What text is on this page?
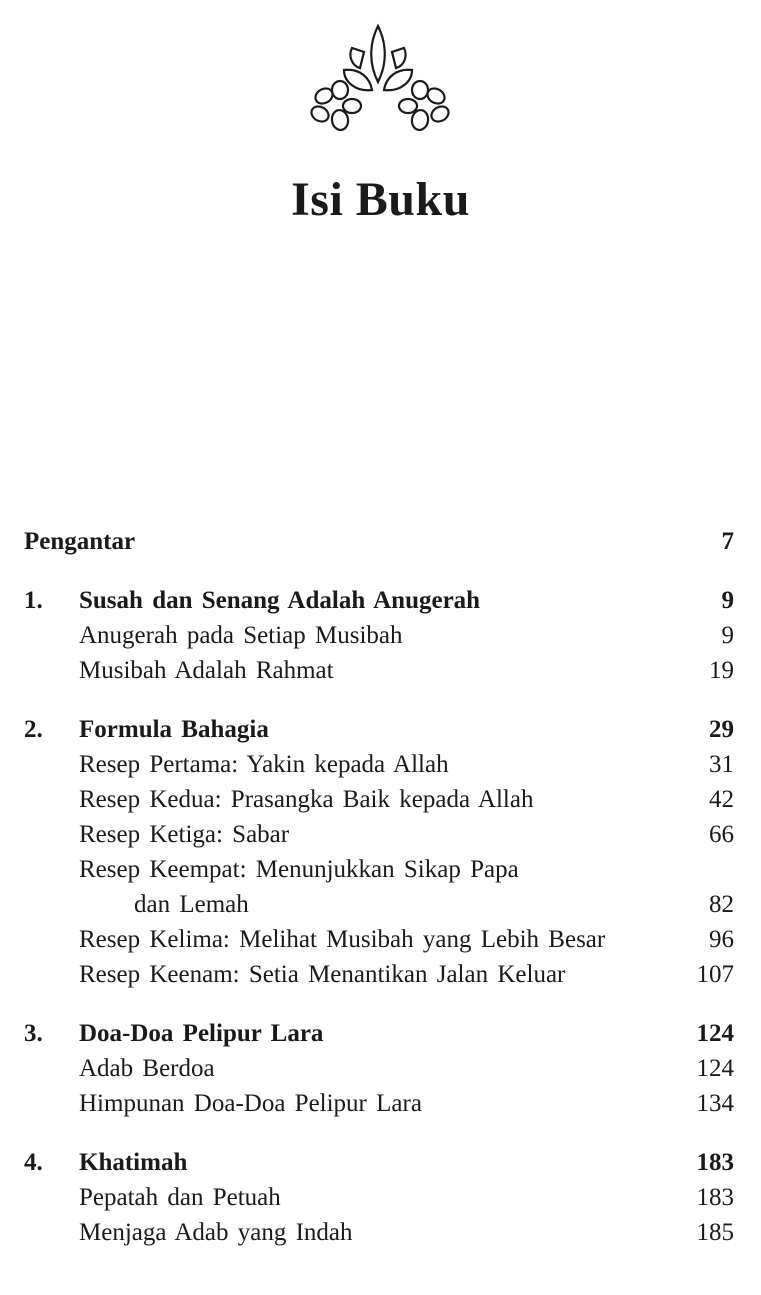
Isi Buku
Pengantar	7
1. Susah dan Senang Adalah Anugerah	9
Anugerah pada Setiap Musibah	9
Musibah Adalah Rahmat	19
2. Formula Bahagia	29
Resep Pertama: Yakin kepada Allah	31
Resep Kedua: Prasangka Baik kepada Allah	42
Resep Ketiga: Sabar	66
Resep Keempat: Menunjukkan Sikap Papa
dan Lemah	82
Resep Kelima: Melihat Musibah yang Lebih Besar	96
Resep Keenam: Setia Menantikan Jalan Keluar	107
3. Doa-Doa Pelipur Lara	124
Adab Berdoa	124
Himpunan Doa-Doa Pelipur Lara	134
4. Khatimah	183
Pepatah dan Petuah	183
Menjaga Adab yang Indah	185
